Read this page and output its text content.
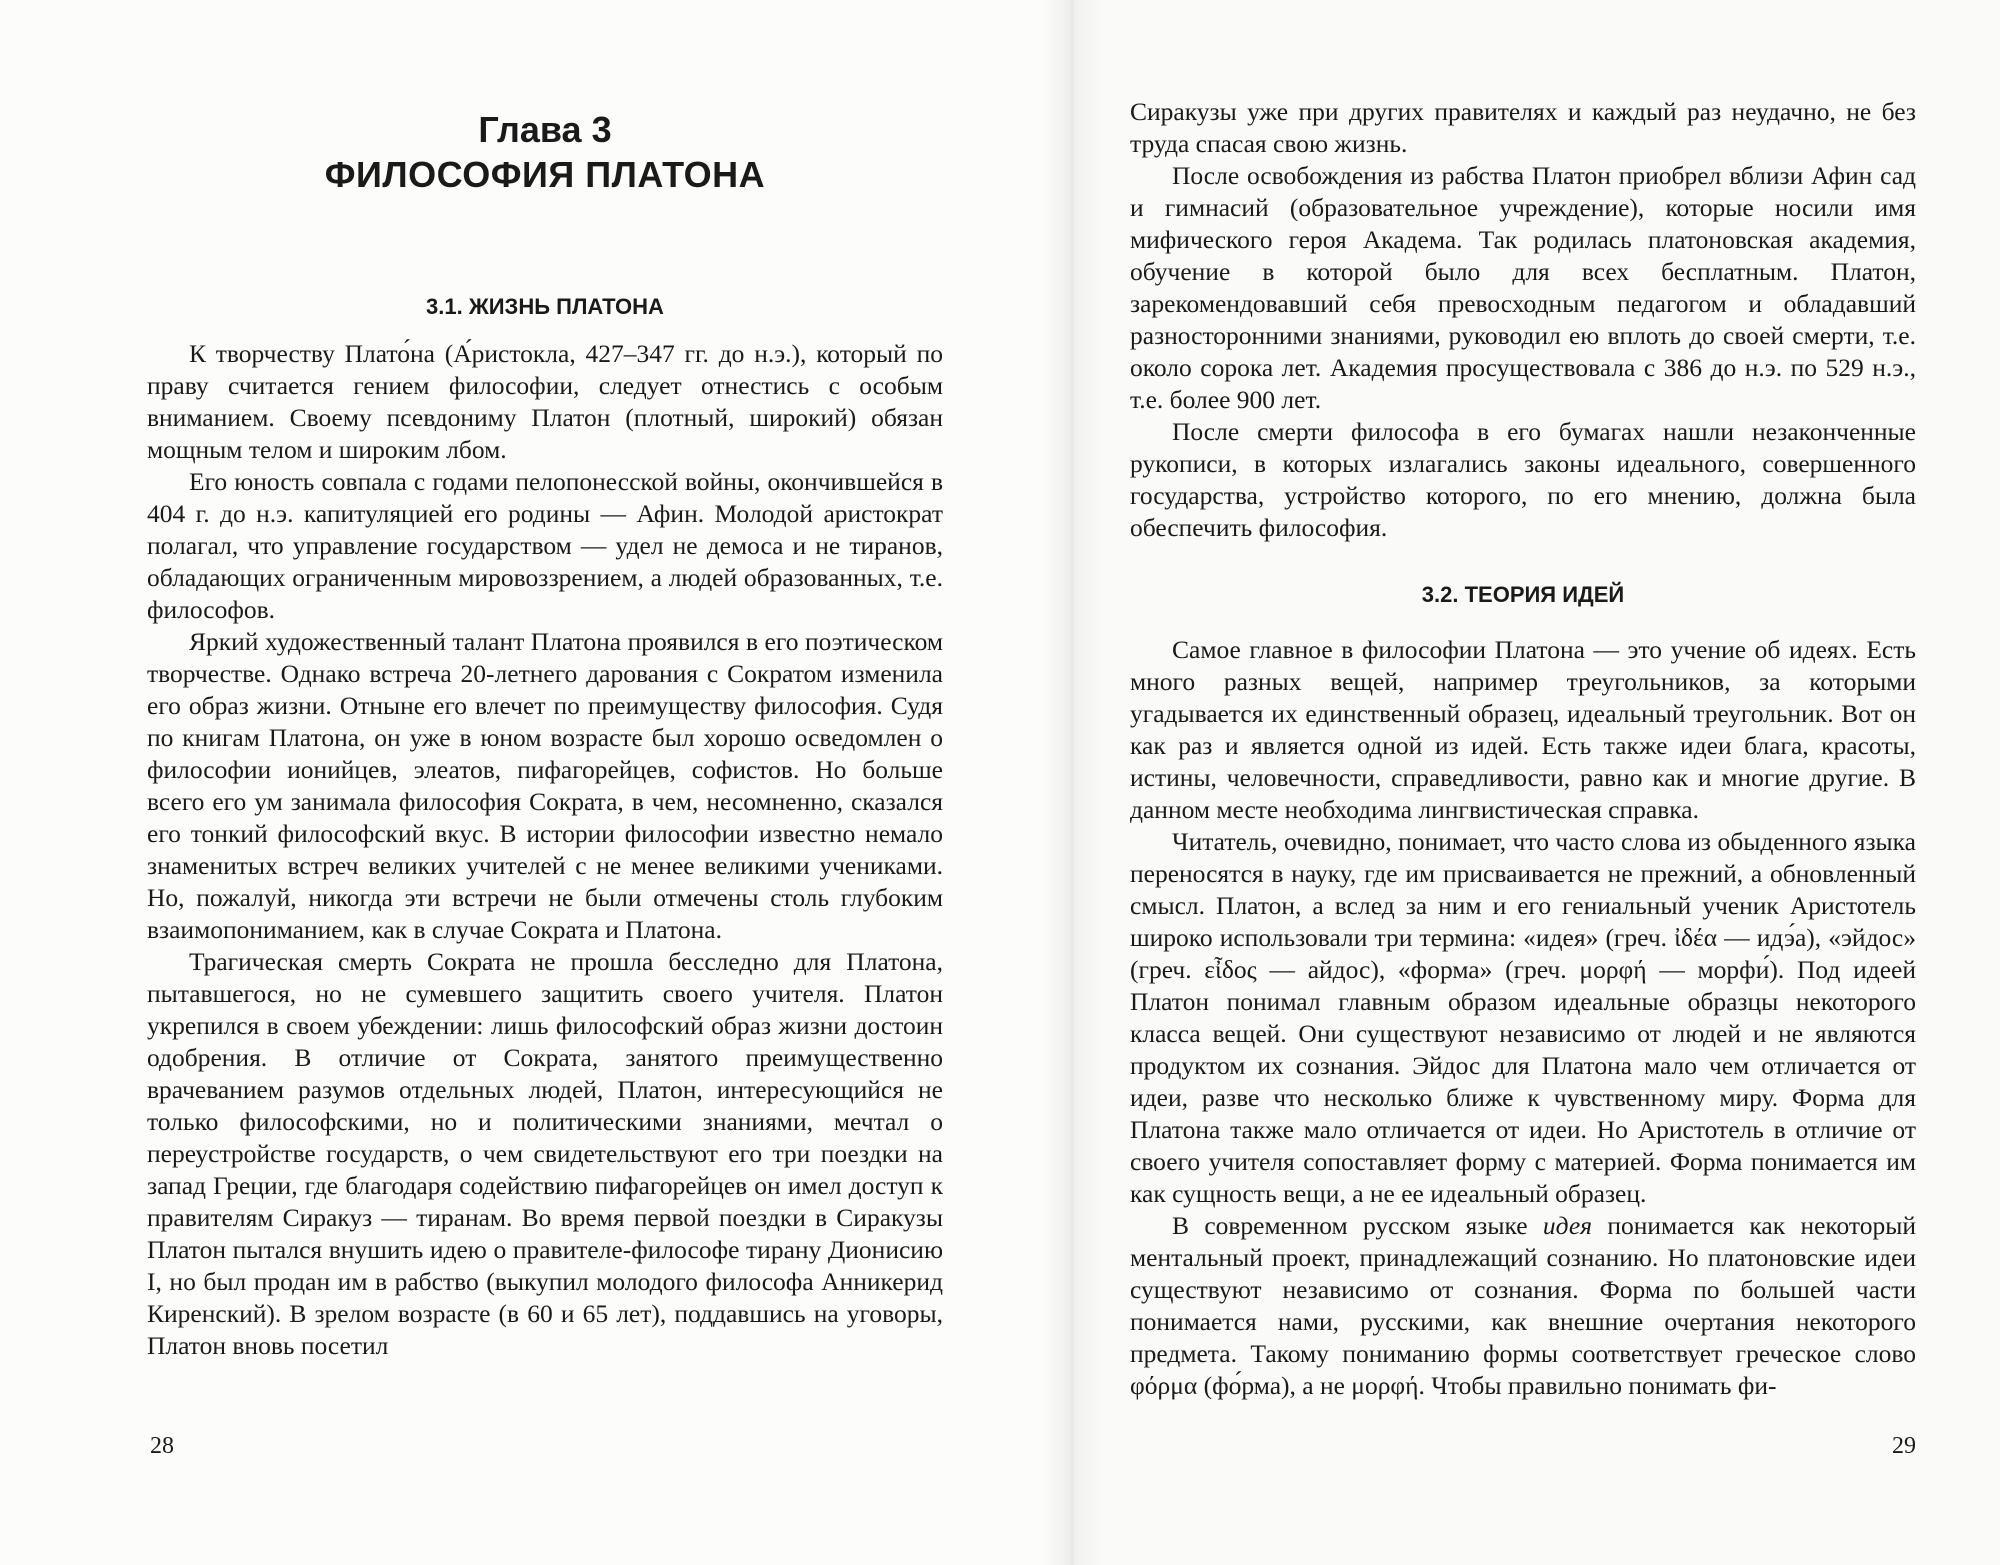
Глава 3
ФИЛОСОФИЯ ПЛАТОНА
3.1. ЖИЗНЬ ПЛАТОНА

К творчеству Плато́на (А́ристокла, 427–347 гг. до н.э.), который по праву считается гением философии, следует отнестись с особым вниманием. Своему псевдониму Платон (плотный, широкий) обязан мощным телом и широким лбом.

Его юность совпала с годами пелопонесской войны, окончившейся в 404 г. до н.э. капитуляцией его родины — Афин. Молодой аристократ полагал, что управление государством — удел не демоса и не тиранов, обладающих ограниченным мировоззрением, а людей образованных, т.е. философов.

Яркий художественный талант Платона проявился в его поэтическом творчестве. Однако встреча 20-летнего дарования с Сократом изменила его образ жизни. Отныне его влечет по преимуществу философия. Судя по книгам Платона, он уже в юном возрасте был хорошо осведомлен о философии ионийцев, элеатов, пифагорейцев, софистов. Но больше всего его ум занимала философия Сократа, в чем, несомненно, сказался его тонкий философский вкус. В истории философии известно немало знаменитых встреч великих учителей с не менее великими учениками. Но, пожалуй, никогда эти встречи не были отмечены столь глубоким взаимопониманием, как в случае Сократа и Платона.

Трагическая смерть Сократа не прошла бесследно для Платона, пытавшегося, но не сумевшего защитить своего учителя. Платон укрепился в своем убеждении: лишь философский образ жизни достоин одобрения. В отличие от Сократа, занятого преимущественно врачеванием разумов отдельных людей, Платон, интересующийся не только философскими, но и политическими знаниями, мечтал о переустройстве государств, о чем свидетельствуют его три поездки на запад Греции, где благодаря содействию пифагорейцев он имел доступ к правителям Сиракуз — тиранам. Во время первой поездки в Сиракузы Платон пытался внушить идею о правителе-философе тирану Дионисию I, но был продан им в рабство (выкупил молодого философа Анникерид Киренский). В зрелом возрасте (в 60 и 65 лет), поддавшись на уговоры, Платон вновь посетил

28

Сиракузы уже при других правителях и каждый раз неудачно, не без труда спасая свою жизнь.

После освобождения из рабства Платон приобрел вблизи Афин сад и гимнасий (образовательное учреждение), которые носили имя мифического героя Академа. Так родилась платоновская академия, обучение в которой было для всех бесплатным. Платон, зарекомендовавший себя превосходным педагогом и обладавший разносторонними знаниями, руководил ею вплоть до своей смерти, т.е. около сорока лет. Академия просуществовала с 386 до н.э. по 529 н.э., т.е. более 900 лет.

После смерти философа в его бумагах нашли незаконченные рукописи, в которых излагались законы идеального, совершенного государства, устройство которого, по его мнению, должна была обеспечить философия.

3.2. ТЕОРИЯ ИДЕЙ

Самое главное в философии Платона — это учение об идеях. Есть много разных вещей, например треугольников, за которыми угадывается их единственный образец, идеальный треугольник. Вот он как раз и является одной из идей. Есть также идеи блага, красоты, истины, человечности, справедливости, равно как и многие другие. В данном месте необходима лингвистическая справка.

Читатель, очевидно, понимает, что часто слова из обыденного языка переносятся в науку, где им присваивается не прежний, а обновленный смысл. Платон, а вслед за ним и его гениальный ученик Аристотель широко использовали три термина: «идея» (греч. ἰδέα — идэ́а), «эйдос» (греч. εἶδος — айдос), «форма» (греч. μορφή — морфи́). Под идеей Платон понимал главным образом идеальные образцы некоторого класса вещей. Они существуют независимо от людей и не являются продуктом их сознания. Эйдос для Платона мало чем отличается от идеи, разве что несколько ближе к чувственному миру. Форма для Платона также мало отличается от идеи. Но Аристотель в отличие от своего учителя сопоставляет форму с материей. Форма понимается им как сущность вещи, а не ее идеальный образец.

В современном русском языке идея понимается как некоторый ментальный проект, принадлежащий сознанию. Но платоновские идеи существуют независимо от сознания. Форма по большей части понимается нами, русскими, как внешние очертания некоторого предмета. Такому пониманию формы соответствует греческое слово φόρμα (фо́рма), а не μορφή. Чтобы правильно понимать фи-

29
